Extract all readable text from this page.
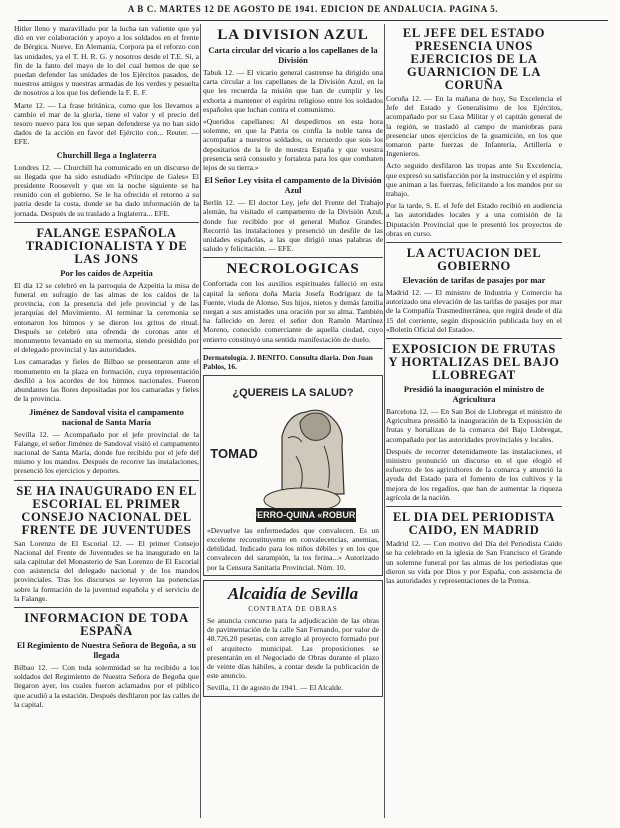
A B C. MARTES 12 DE AGOSTO DE 1941. EDICION DE ANDALUCIA. PAGINA 5.

Hitler lleno y maravillado por la lucha tan valiente que ya dió en ver colaboración y apoyo a los soldados en el frente de Bérgica. Nueve. En Alemania, Corpora pa el reforzo con las unidades, ya el T. H. R. G. y nosotros desde el T.E. Sí, a fin de la fanto del mayo de lo del cual hemos de que se puedan defender las unidades de los Ejércitos pasados, de nuestros amigos y nuestras armadas de los verdes y pesuelta de nosotros a los que los defiende la F. E. F.

Marte 12. — La frase británica, como que los llevamos a cambio el mar de la gloria, tiene el valor y el precio del tesoro nuevo para los que sepan defenderse ya no han sido dados de la acción en favor del Ejército con... Reuter. — EFE.

Churchill llega a Inglaterra

Londres 12. — Churchill ha comunicado en un discurso de su llegada que ha sido estudiado «Príncipe de Gales» El presidente Roosevelt y que en la noche siguiente se ha reunido con el gobierno. Se le ha ofrecido el retorno a su patria desde la costa, donde se ha dado información de la jornada. Después de su traslado a Inglaterra... EFE.

FALANGE ESPAÑOLA TRADICIONALISTA Y DE LAS JONS
Por los caídos de Azpeitia

El día 12 se celebró en la parroquia de Azpeitia la misa de funeral en sufragio de las almas de los caídos de la provincia, con la presencia del jefe provincial y de las jerarquías del Movimiento. Al terminar la ceremonia se entonaron los himnos y se dieron los gritos de ritual. Después se celebró una ofrenda de coronas ante el monumento levantado en su memoria, siendo presidido por el delegado provincial y las autoridades.

Los camaradas y fieles de Bilbao se presentaron ante el monumento en la plaza en formación, cuya representación desfiló a los acordes de los himnos nacionales. Fueron abundantes las flores depositadas por los camaradas y fieles de la provincia.

Jiménez de Sandoval visita el campamento nacional de Santa María

Sevilla 12. — Acompañado por el jefe provincial de la Falange, el señor Jiménez de Sandoval visitó el campamento nacional de Santa María, donde fue recibido por el jefe del mismo y los mandos. Después de recorrer las instalaciones, presenció los ejercicios y deportes.

SE HA INAUGURADO EN EL ESCORIAL EL PRIMER CONSEJO NACIONAL DEL FRENTE DE JUVENTUDES

San Lorenzo de El Escorial 12. — El primer Consejo Nacional del Frente de Juventudes se ha inaugurado en la sala capitular del Monasterio de San Lorenzo de El Escorial con asistencia del delegado nacional y de los mandos provinciales. Tras los discursos se leyeron las ponencias sobre la formación de la juventud española y el servicio de la Falange.

INFORMACION DE TODA ESPAÑA
El Regimiento de Nuestra Señora de Begoña, a su llegada

Bilbao 12. — Con toda solemnidad se ha recibido a los soldados del Regimiento de Nuestra Señora de Begoña que llegaron ayer, los cuales fueron aclamados por el público que acudió a la estación. Después desfilaron por las calles de la capital.

LA DIVISION AZUL
Carta circular del vicario a los capellanes de la División

Tabuk 12. — El vicario general castrense ha dirigido una carta circular a los capellanes de la División Azul, en la que les recuerda la misión que han de cumplir y les exhorta a mantener el espíritu religioso entre los soldados españoles que luchan contra el comunismo.

«Queridos capellanes: Al despedirnos en esta hora solemne, en que la Patria os confía la noble tarea de acompañar a nuestros soldados, os recuerdo que sois los depositarios de la fe de nuestra España y que vuestra presencia será consuelo y fortaleza para los que combaten lejos de su tierra.»

El Señor Ley visita el campamento de la División Azul

Berlín 12. — El doctor Ley, jefe del Frente del Trabajo alemán, ha visitado el campamento de la División Azul, donde fue recibido por el general Muñoz Grandes. Recorrió las instalaciones y presenció un desfile de las unidades españolas, a las que dirigió unas palabras de saludo y felicitación. — EFE.

NECROLOGICAS

Confortada con los auxilios espirituales falleció en esta capital la señora doña María Josefa Rodríguez de la Fuente, viuda de Alonso. Sus hijos, nietos y demás familia ruegan a sus amistades una oración por su alma. También ha fallecido en Jerez el señor don Ramón Martínez Moreno, conocido comerciante de aquella ciudad, cuyo entierro constituyó una sentida manifestación de duelo.

Dermatología. J. BENITO. Consulta diaria. Don Juan Pablos, 16.
¿QUEREIS LA SALUD?
TOMAD
FERRO-QUINA «ROBUR»

«Devuelve las enfermedades que convalecen. Es un excelente reconstituyente en convalecencias, anemias, debilidad. Indicado para los niños débiles y en los que convalecen del sarampión, la tos ferina...» Autorizado por la Censura Sanitaria Provincial. Núm. 10.

Alcaidía de Sevilla
CONTRATA DE OBRAS

Se anuncia concurso para la adjudicación de las obras de pavimentación de la calle San Fernando, por valor de 48.726,20 pesetas, con arreglo al proyecto formado por el arquitecto municipal. Las proposiciones se presentarán en el Negociado de Obras durante el plazo de veinte días hábiles, a contar desde la publicación de este anuncio.

Sevilla, 11 de agosto de 1941. — El Alcalde.

EL JEFE DEL ESTADO PRESENCIA UNOS EJERCICIOS DE LA GUARNICION DE LA CORUÑA

Coruña 12. — En la mañana de hoy, Su Excelencia el Jefe del Estado y Generalísimo de los Ejércitos, acompañado por su Casa Militar y el capitán general de la región, se trasladó al campo de maniobras para presenciar unos ejercicios de la guarnición, en los que tomaron parte fuerzas de Infantería, Artillería e Ingenieros.

Acto seguido desfilaron las tropas ante Su Excelencia, que expresó su satisfacción por la instrucción y el espíritu que animan a las fuerzas, felicitando a los mandos por su trabajo.

Por la tarde, S. E. el Jefe del Estado recibió en audiencia a las autoridades locales y a una comisión de la Diputación Provincial que le presentó los proyectos de obras en curso.

LA ACTUACION DEL GOBIERNO
Elevación de tarifas de pasajes por mar

Madrid 12. — El ministro de Industria y Comercio ha autorizado una elevación de las tarifas de pasajes por mar de la Compañía Trasmediterránea, que regirá desde el día 15 del corriente, según disposición publicada hoy en el «Boletín Oficial del Estado».

EXPOSICION DE FRUTAS Y HORTALIZAS DEL BAJO LLOBREGAT
Presidió la inauguración el ministro de Agricultura

Barcelona 12. — En San Boi de Llobregat el ministro de Agricultura presidió la inauguración de la Exposición de frutas y hortalizas de la comarca del Bajo Llobregat, acompañado por las autoridades provinciales y locales.

Después de recorrer detenidamente las instalaciones, el ministro pronunció un discurso en el que elogió el esfuerzo de los agricultores de la comarca y anunció la ayuda del Estado para el fomento de los cultivos y la mejora de los regadíos, que han de aumentar la riqueza agrícola de la nación.

EL DIA DEL PERIODISTA CAIDO, EN MADRID

Madrid 12. — Con motivo del Día del Periodista Caído se ha celebrado en la iglesia de San Francisco el Grande un solemne funeral por las almas de los periodistas que dieron su vida por Dios y por España, con asistencia de las autoridades y representaciones de la Prensa.
